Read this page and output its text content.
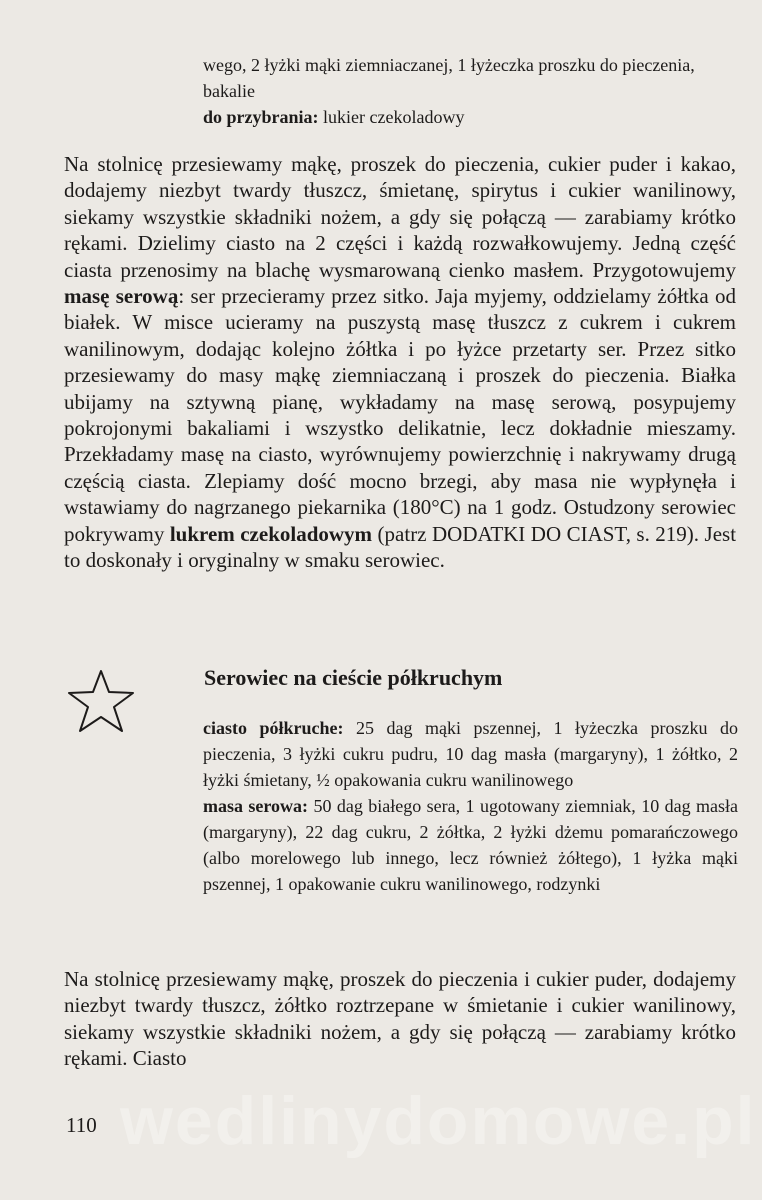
wego, 2 łyżki mąki ziemniaczanej, 1 łyżeczka proszku do pieczenia, bakalie

do przybrania: lukier czekoladowy

Na stolnicę przesiewamy mąkę, proszek do pieczenia, cukier puder i kakao, dodajemy niezbyt twardy tłuszcz, śmietanę, spirytus i cukier wanilinowy, siekamy wszystkie składniki nożem, a gdy się połączą — zarabiamy krótko rękami. Dzielimy ciasto na 2 części i każdą rozwałkowujemy. Jedną część ciasta przenosimy na blachę wysmarowaną cienko masłem. Przygotowujemy masę serową: ser przecieramy przez sitko. Jaja myjemy, oddzielamy żółtka od białek. W misce ucieramy na puszystą masę tłuszcz z cukrem i cukrem wanilinowym, dodając kolejno żółtka i po łyżce przetarty ser. Przez sitko przesiewamy do masy mąkę ziemniaczaną i proszek do pieczenia. Białka ubijamy na sztywną pianę, wykładamy na masę serową, posypujemy pokrojonymi bakaliami i wszystko delikatnie, lecz dokładnie mieszamy. Przekładamy masę na ciasto, wyrównujemy powierzchnię i nakrywamy drugą częścią ciasta. Zlepiamy dość mocno brzegi, aby masa nie wypłynęła i wstawiamy do nagrzanego piekarnika (180°C) na 1 godz. Ostudzony serowiec pokrywamy lukrem czekoladowym (patrz DODATKI DO CIAST, s. 219). Jest to doskonały i oryginalny w smaku serowiec.

Serowiec na cieście półkruchym

ciasto półkruche: 25 dag mąki pszennej, 1 łyżeczka proszku do pieczenia, 3 łyżki cukru pudru, 10 dag masła (margaryny), 1 żółtko, 2 łyżki śmietany, ½ opakowania cukru wanilinowego

masa serowa: 50 dag białego sera, 1 ugotowany ziemniak, 10 dag masła (margaryny), 22 dag cukru, 2 żółtka, 2 łyżki dżemu pomarańczowego (albo morelowego lub innego, lecz również żółtego), 1 łyżka mąki pszennej, 1 opakowanie cukru wanilinowego, rodzynki

Na stolnicę przesiewamy mąkę, proszek do pieczenia i cukier puder, dodajemy niezbyt twardy tłuszcz, żółtko roztrzepane w śmietanie i cukier wanilinowy, siekamy wszystkie składniki nożem, a gdy się połączą — zarabiamy krótko rękami. Ciasto

wedlinydomowe.pl
110
